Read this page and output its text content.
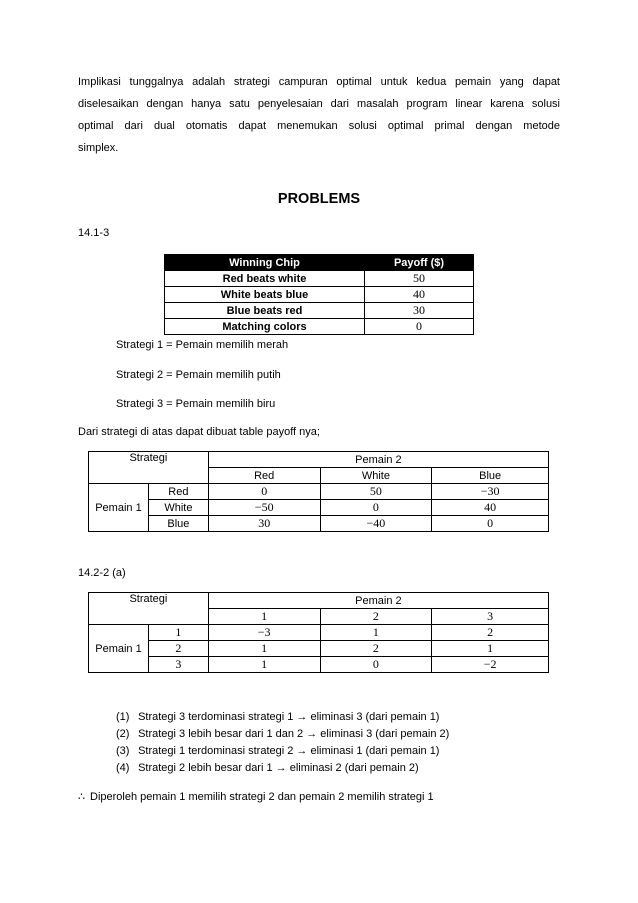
Implikasi tunggalnya adalah strategi campuran optimal untuk kedua pemain yang dapat
diselesaikan dengan hanya satu penyelesaian dari masalah program linear karena solusi
optimal dari dual otomatis dapat menemukan solusi optimal primal dengan metode
simplex.
PROBLEMS
14.1-3
Winning Chip	Payoff ($)
Red beats white	50
White beats blue	40
Blue beats red	30
Matching colors	0
Strategi 1 = Pemain memilih merah
Strategi 2 = Pemain memilih putih
Strategi 3 = Pemain memilih biru
Dari strategi di atas dapat dibuat table payoff nya;
Strategi		Pemain 2		
		Red	White	Blue
Pemain 1	Red	0	50	−30
	White	−50	0	40
	Blue	30	−40	0
14.2-2 (a)
Strategi		Pemain 2		
		1	2	3
Pemain 1	1	−3	1	2
	2	1	2	1
	3	1	0	−2
(1) Strategi 3 terdominasi strategi 1 → eliminasi 3 (dari pemain 1)
(2) Strategi 3 lebih besar dari 1 dan 2 → eliminasi 3 (dari pemain 2)
(3) Strategi 1 terdominasi strategi 2 → eliminasi 1 (dari pemain 1)
(4) Strategi 2 lebih besar dari 1 → eliminasi 2 (dari pemain 2)
∴ Diperoleh pemain 1 memilih strategi 2 dan pemain 2 memilih strategi 1
